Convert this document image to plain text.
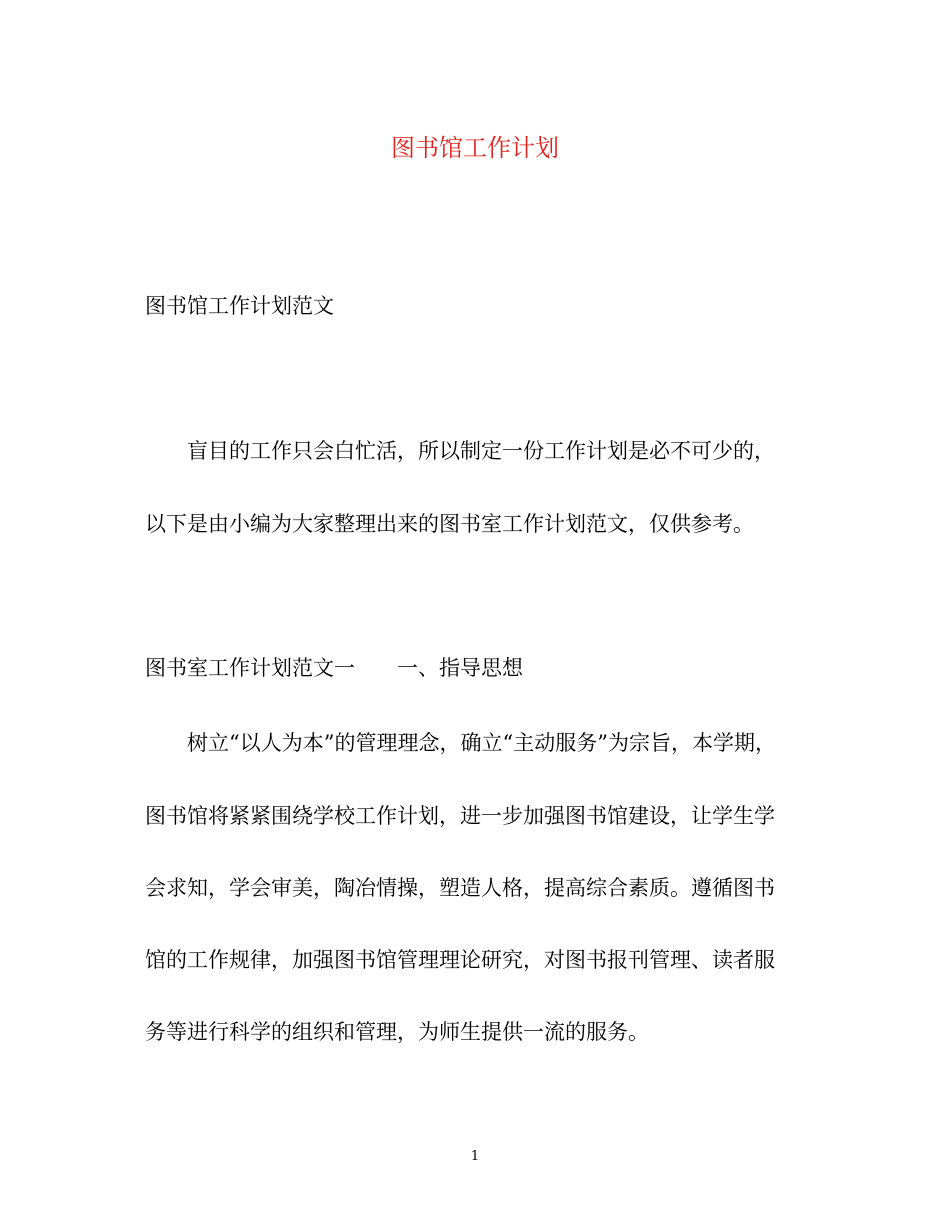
图书馆工作计划

图书馆工作计划范文

盲目的工作只会白忙活，所以制定一份工作计划是必不可少的，

以下是由小编为大家整理出来的图书室工作计划范文，仅供参考。

图书室工作计划范文一　　一、指导思想

树立“以人为本”的管理理念，确立“主动服务”为宗旨，本学期，

图书馆将紧紧围绕学校工作计划，进一步加强图书馆建设，让学生学

会求知，学会审美，陶冶情操，塑造人格，提高综合素质。遵循图书

馆的工作规律，加强图书馆管理理论研究，对图书报刊管理、读者服

务等进行科学的组织和管理，为师生提供一流的服务。

1
